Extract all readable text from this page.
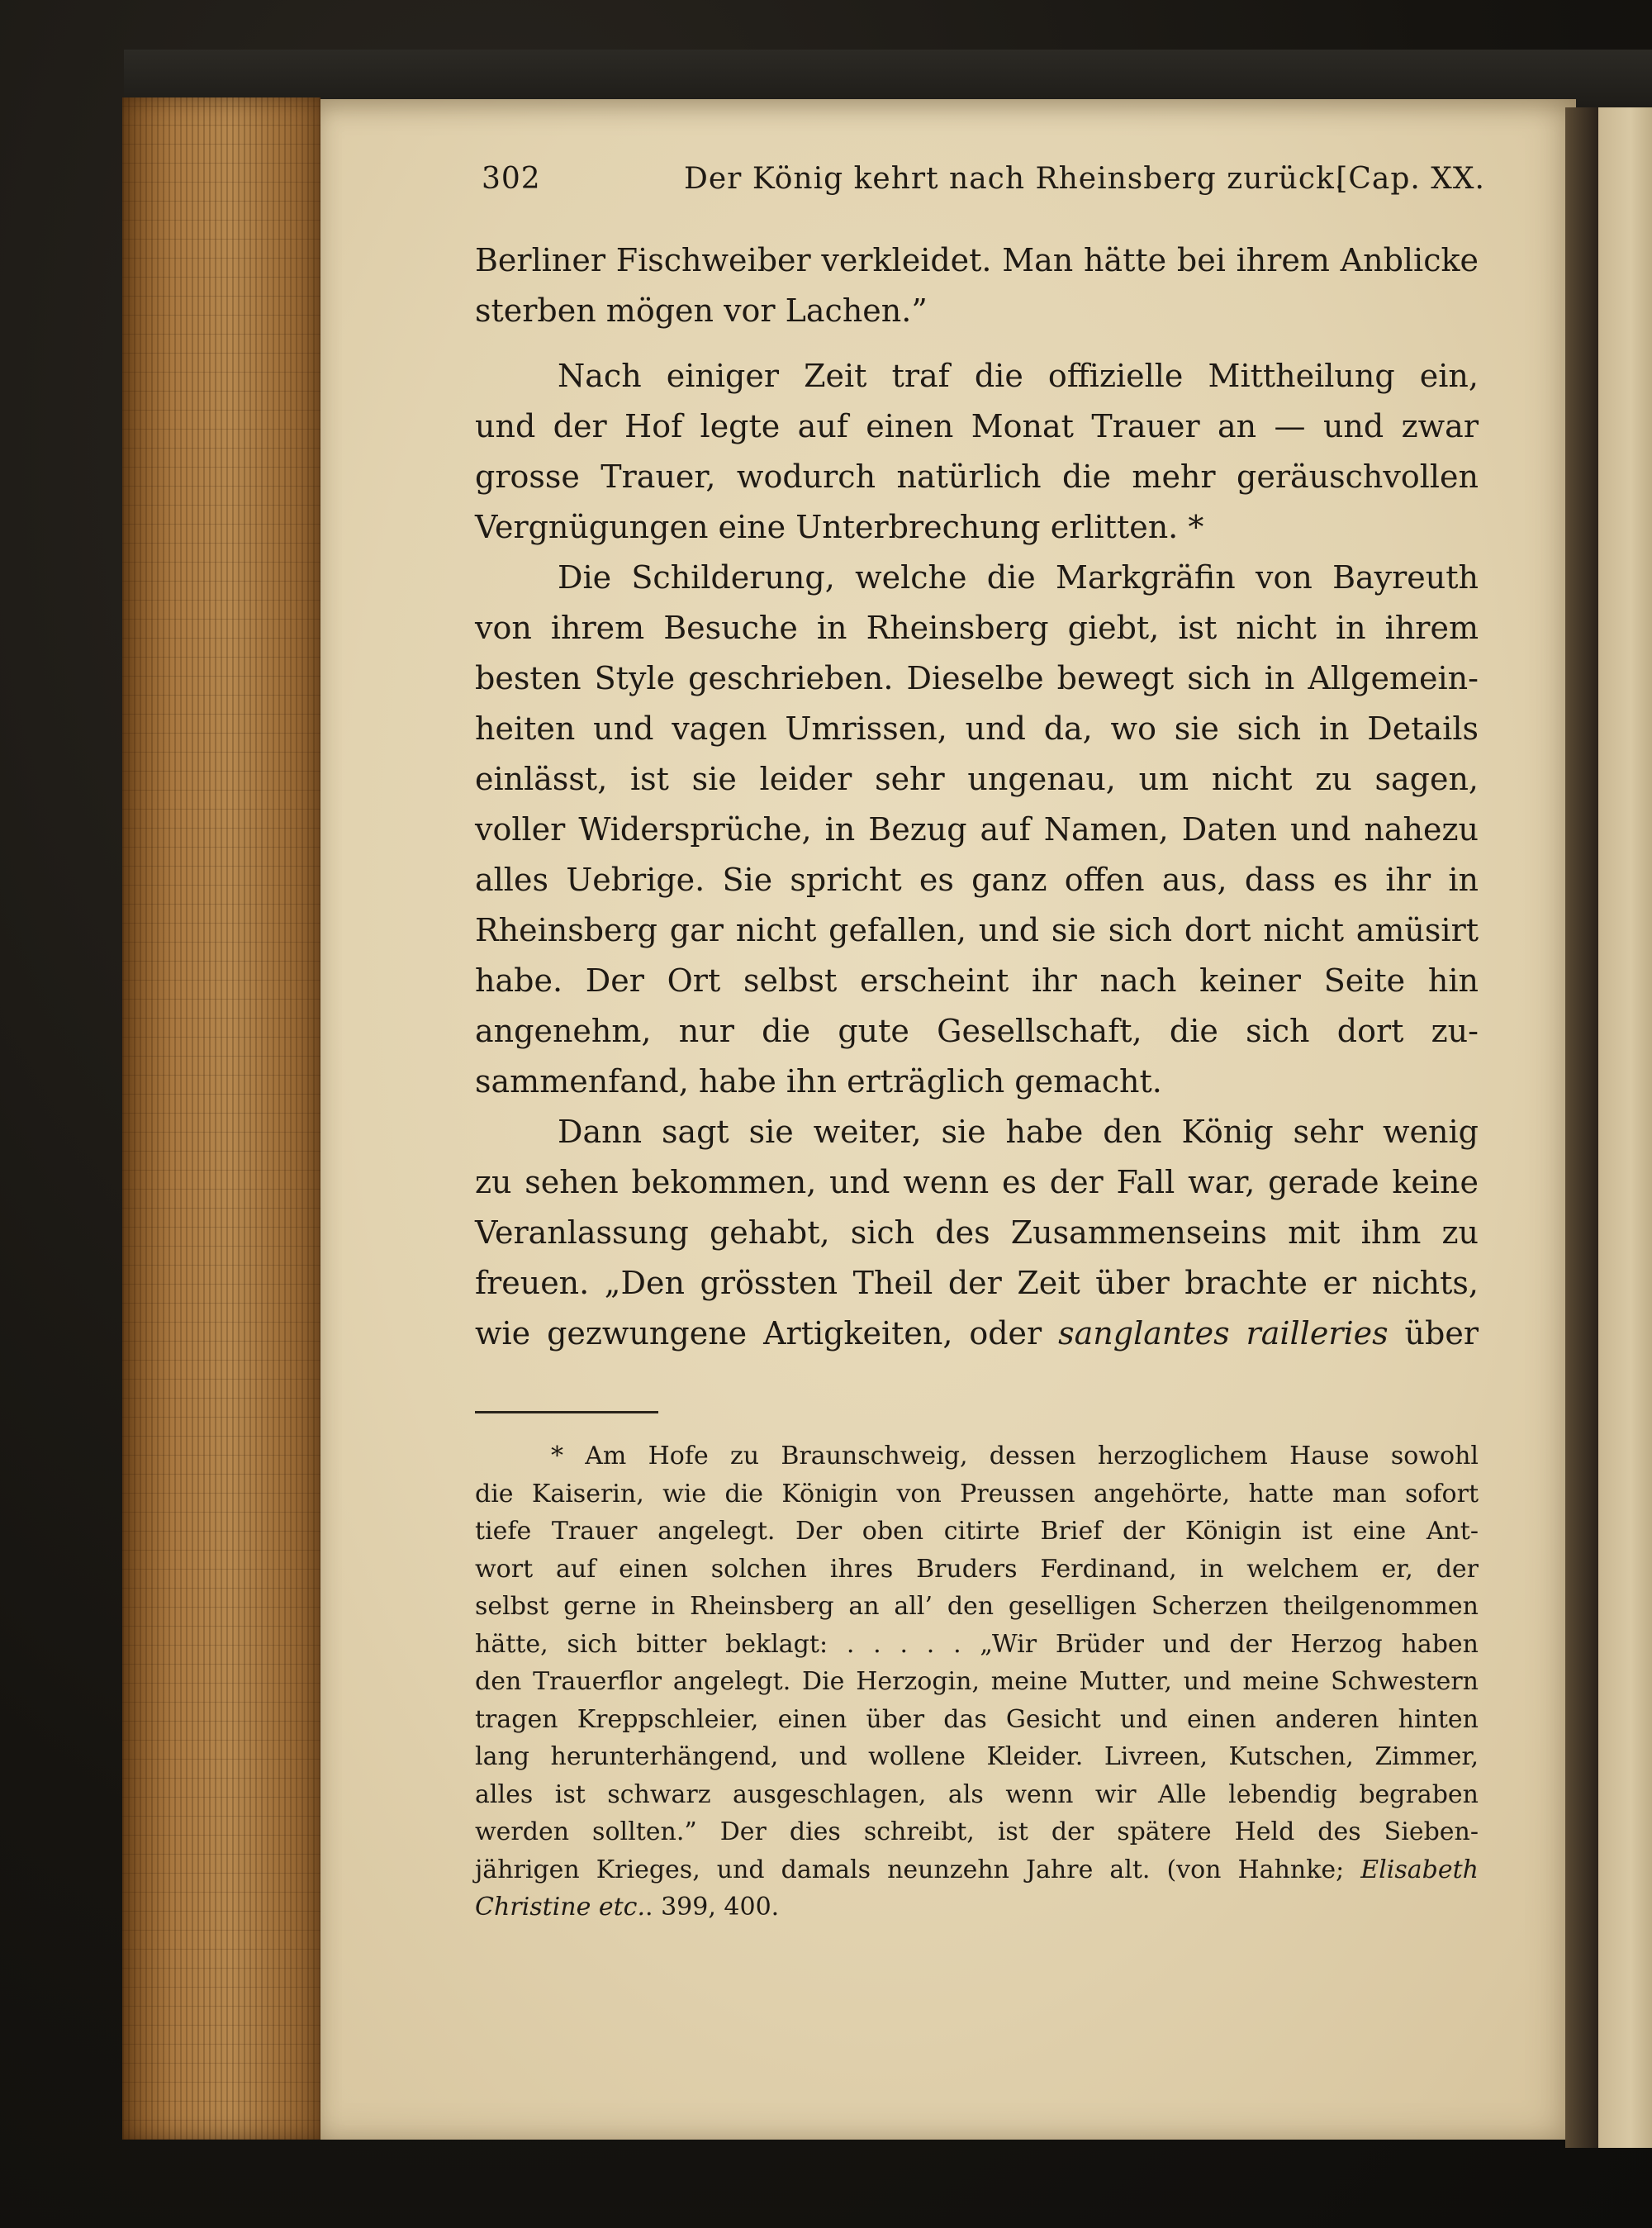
302	Der König kehrt nach Rheinsberg zurück.
[Cap. XX.
Berliner Fischweiber verkleidet. Man hätte bei ihrem Anblicke
sterben mögen vor Lachen.”
Nach einiger Zeit traf die offizielle Mittheilung ein,
und der Hof legte auf einen Monat Trauer an — und zwar
grosse Trauer, wodurch natürlich die mehr geräuschvollen
Vergnügungen eine Unterbrechung erlitten. *
Die Schilderung, welche die Markgräfin von Bayreuth
von ihrem Besuche in Rheinsberg giebt, ist nicht in ihrem
besten Style geschrieben. Dieselbe bewegt sich in Allgemein-
heiten und vagen Umrissen, und da, wo sie sich in Details
einlässt, ist sie leider sehr ungenau, um nicht zu sagen,
voller Widersprüche, in Bezug auf Namen, Daten und nahezu
alles Uebrige. Sie spricht es ganz offen aus, dass es ihr in
Rheinsberg gar nicht gefallen, und sie sich dort nicht amüsirt
habe. Der Ort selbst erscheint ihr nach keiner Seite hin
angenehm, nur die gute Gesellschaft, die sich dort zu-
sammenfand, habe ihn erträglich gemacht.
Dann sagt sie weiter, sie habe den König sehr wenig
zu sehen bekommen, und wenn es der Fall war, gerade keine
Veranlassung gehabt, sich des Zusammenseins mit ihm zu
freuen. „Den grössten Theil der Zeit über brachte er nichts,
wie gezwungene Artigkeiten, oder sanglantes railleries über
* Am Hofe zu Braunschweig, dessen herzoglichem Hause sowohl
die Kaiserin, wie die Königin von Preussen angehörte, hatte man sofort
tiefe Trauer angelegt. Der oben citirte Brief der Königin ist eine Ant-
wort auf einen solchen ihres Bruders Ferdinand, in welchem er, der
selbst gerne in Rheinsberg an all’ den geselligen Scherzen theilgenommen
hätte, sich bitter beklagt: . . . . . „Wir Brüder und der Herzog haben
den Trauerflor angelegt. Die Herzogin, meine Mutter, und meine Schwestern
tragen Kreppschleier, einen über das Gesicht und einen anderen hinten
lang herunterhängend, und wollene Kleider. Livreen, Kutschen, Zimmer,
alles ist schwarz ausgeschlagen, als wenn wir Alle lebendig begraben
werden sollten.” Der dies schreibt, ist der spätere Held des Sieben-
jährigen Krieges, und damals neunzehn Jahre alt. (von Hahnke; Elisabeth
Christine etc.. 399, 400.
